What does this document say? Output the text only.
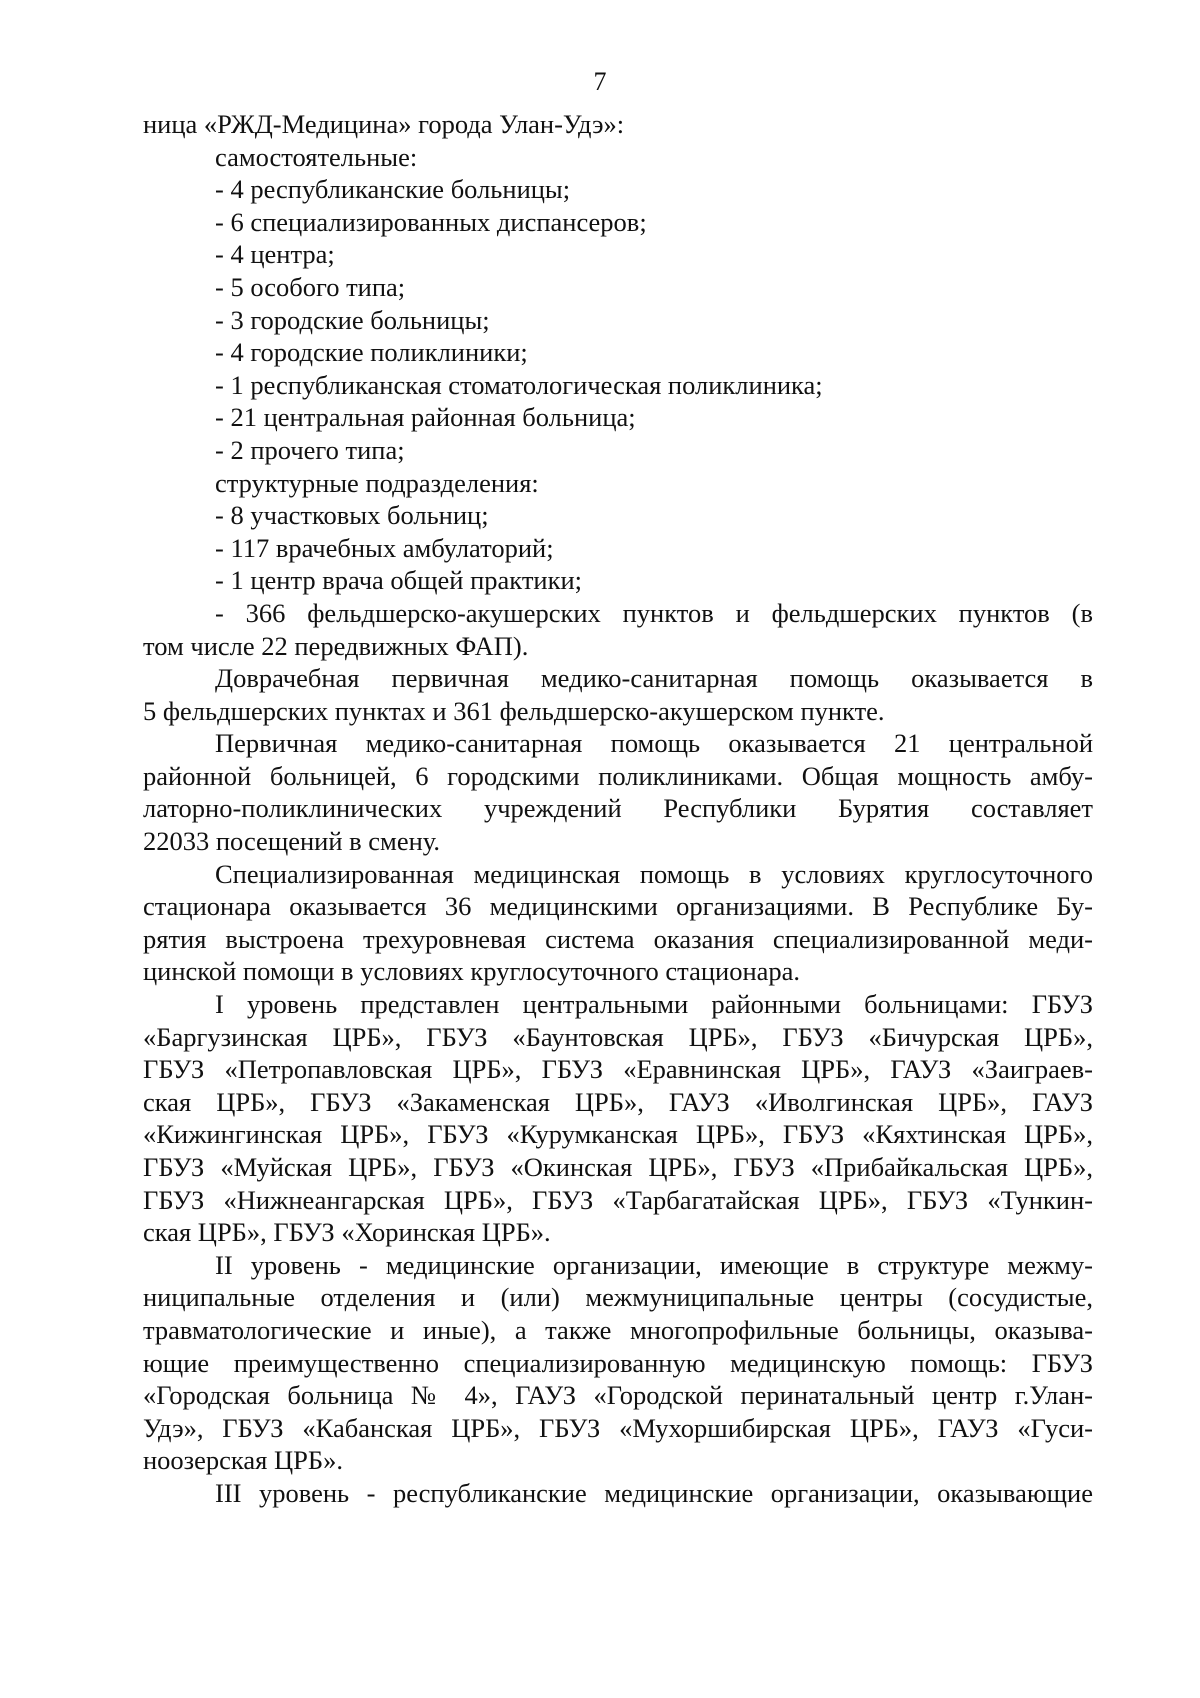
7
ница «РЖД-Медицина» города Улан-Удэ»:
самостоятельные:
- 4 республиканские больницы;
- 6 специализированных диспансеров;
- 4 центра;
- 5 особого типа;
- 3 городские больницы;
- 4 городские поликлиники;
- 1 республиканская стоматологическая поликлиника;
- 21 центральная районная больница;
- 2 прочего типа;
структурные подразделения:
- 8 участковых больниц;
- 117 врачебных амбулаторий;
- 1 центр врача общей практики;
- 366 фельдшерско-акушерских пунктов и фельдшерских пунктов (в
том числе 22 передвижных ФАП).
Доврачебная первичная медико-санитарная помощь оказывается в
5 фельдшерских пунктах и 361 фельдшерско-акушерском пункте.
Первичная медико-санитарная помощь оказывается 21 центральной
районной больницей, 6 городскими поликлиниками. Общая мощность амбу-
латорно-поликлинических учреждений Республики Бурятия составляет
22033 посещений в смену.
Специализированная медицинская помощь в условиях круглосуточного
стационара оказывается 36 медицинскими организациями. В Республике Бу-
рятия выстроена трехуровневая система оказания специализированной меди-
цинской помощи в условиях круглосуточного стационара.
I уровень представлен центральными районными больницами: ГБУЗ
«Баргузинская ЦРБ», ГБУЗ «Баунтовская ЦРБ», ГБУЗ «Бичурская ЦРБ»,
ГБУЗ «Петропавловская ЦРБ», ГБУЗ «Еравнинская ЦРБ», ГАУЗ «Заиграев-
ская ЦРБ», ГБУЗ «Закаменская ЦРБ», ГАУЗ «Иволгинская ЦРБ», ГАУЗ
«Кижингинская ЦРБ», ГБУЗ «Курумканская ЦРБ», ГБУЗ «Кяхтинская ЦРБ»,
ГБУЗ «Муйская ЦРБ», ГБУЗ «Окинская ЦРБ», ГБУЗ «Прибайкальская ЦРБ»,
ГБУЗ «Нижнеангарская ЦРБ», ГБУЗ «Тарбагатайская ЦРБ», ГБУЗ «Тункин-
ская ЦРБ», ГБУЗ «Хоринская ЦРБ».
II уровень - медицинские организации, имеющие в структуре межму-
ниципальные отделения и (или) межмуниципальные центры (сосудистые,
травматологические и иные), а также многопрофильные больницы, оказыва-
ющие преимущественно специализированную медицинскую помощь: ГБУЗ
«Городская больница № 4», ГАУЗ «Городской перинатальный центр г.Улан-
Удэ», ГБУЗ «Кабанская ЦРБ», ГБУЗ «Мухоршибирская ЦРБ», ГАУЗ «Гуси-
ноозерская ЦРБ».
III уровень - республиканские медицинские организации, оказывающие
